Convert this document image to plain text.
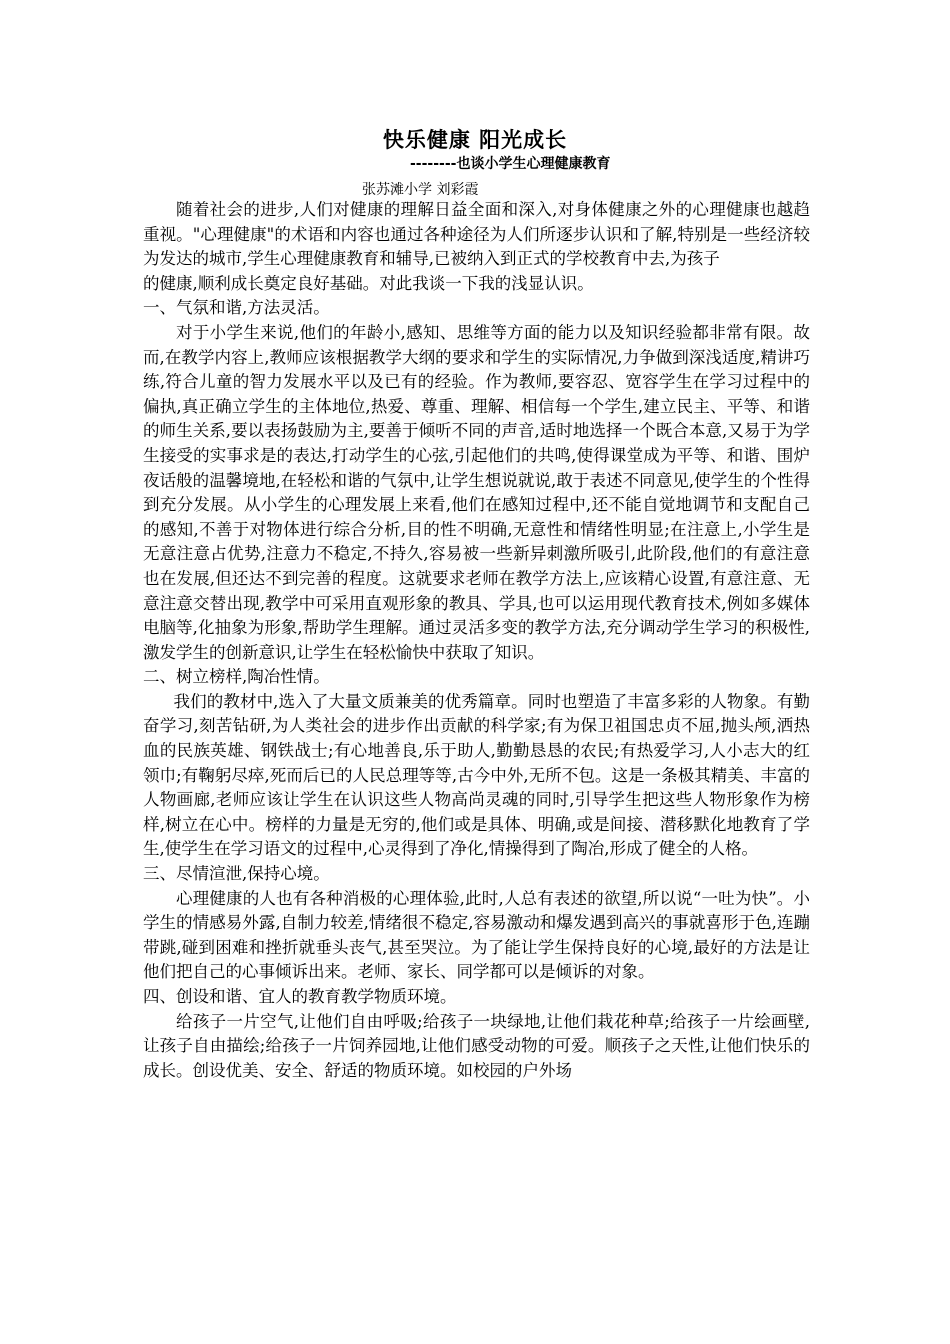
快乐健康 阳光成长
--------也谈小学生心理健康教育
张苏滩小学 刘彩霞

随着社会的进步,人们对健康的理解日益全面和深入,对身体健康之外的心理健康也越趋重视。"心理健康"的术语和内容也通过各种途径为人们所逐步认识和了解,特别是一些经济较为发达的城市,学生心理健康教育和辅导,已被纳入到正式的学校教育中去,为孩子

的健康,顺利成长奠定良好基础。对此我谈一下我的浅显认识。

一、气氛和谐,方法灵活。

对于小学生来说,他们的年龄小,感知、思维等方面的能力以及知识经验都非常有限。故而,在教学内容上,教师应该根据教学大纲的要求和学生的实际情况,力争做到深浅适度,精讲巧练,符合儿童的智力发展水平以及已有的经验。作为教师,要容忍、宽容学生在学习过程中的偏执,真正确立学生的主体地位,热爱、尊重、理解、相信每一个学生,建立民主、平等、和谐的师生关系,要以表扬鼓励为主,要善于倾听不同的声音,适时地选择一个既合本意,又易于为学生接受的实事求是的表达,打动学生的心弦,引起他们的共鸣,使得课堂成为平等、和谐、围炉夜话般的温馨境地,在轻松和谐的气氛中,让学生想说就说,敢于表述不同意见,使学生的个性得到充分发展。从小学生的心理发展上来看,他们在感知过程中,还不能自觉地调节和支配自己的感知,不善于对物体进行综合分析,目的性不明确,无意性和情绪性明显;在注意上,小学生是无意注意占优势,注意力不稳定,不持久,容易被一些新异刺激所吸引,此阶段,他们的有意注意也在发展,但还达不到完善的程度。这就要求老师在教学方法上,应该精心设置,有意注意、无意注意交替出现,教学中可采用直观形象的教具、学具,也可以运用现代教育技术,例如多媒体电脑等,化抽象为形象,帮助学生理解。通过灵活多变的教学方法,充分调动学生学习的积极性,激发学生的创新意识,让学生在轻松愉快中获取了知识。

二、树立榜样,陶冶性情。

我们的教材中,选入了大量文质兼美的优秀篇章。同时也塑造了丰富多彩的人物象。有勤奋学习,刻苦钻研,为人类社会的进步作出贡献的科学家;有为保卫祖国忠贞不屈,抛头颅,洒热血的民族英雄、钢铁战士;有心地善良,乐于助人,勤勤恳恳的农民;有热爱学习,人小志大的红领巾;有鞠躬尽瘁,死而后已的人民总理等等,古今中外,无所不包。这是一条极其精美、丰富的人物画廊,老师应该让学生在认识这些人物高尚灵魂的同时,引导学生把这些人物形象作为榜样,树立在心中。榜样的力量是无穷的,他们或是具体、明确,或是间接、潜移默化地教育了学生,使学生在学习语文的过程中,心灵得到了净化,情操得到了陶冶,形成了健全的人格。

三、尽情渲泄,保持心境。

心理健康的人也有各种消极的心理体验,此时,人总有表述的欲望,所以说“一吐为快”。小学生的情感易外露,自制力较差,情绪很不稳定,容易激动和爆发遇到高兴的事就喜形于色,连蹦带跳,碰到困难和挫折就垂头丧气,甚至哭泣。为了能让学生保持良好的心境,最好的方法是让他们把自己的心事倾诉出来。老师、家长、同学都可以是倾诉的对象。

四、创设和谐、宜人的教育教学物质环境。

给孩子一片空气,让他们自由呼吸;给孩子一块绿地,让他们栽花种草;给孩子一片绘画壁,让孩子自由描绘;给孩子一片饲养园地,让他们感受动物的可爱。顺孩子之天性,让他们快乐的成长。创设优美、安全、舒适的物质环境。如校园的户外场
